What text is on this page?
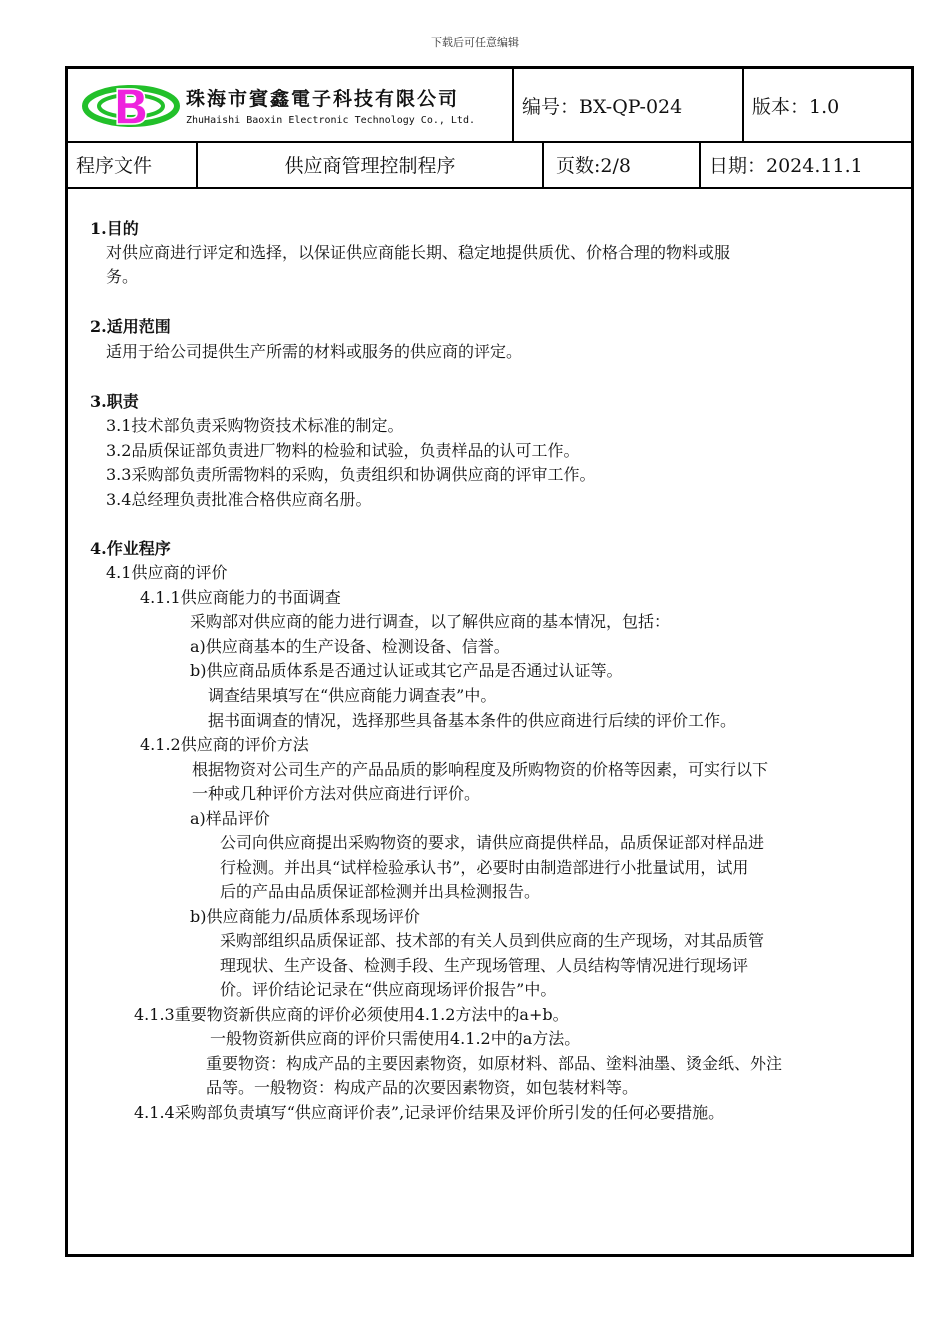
下载后可任意编辑
B 珠海市賓鑫電子科技有限公司
ZhuHaishi Baoxin Electronic Technology Co., Ltd.
编号：BX-QP-024	版本：1.0
程序文件	供应商管理控制程序	页数:2/8	日期：2024.11.1
1.目的
对供应商进行评定和选择，以保证供应商能长期、稳定地提供质优、价格合理的物料或服
务。
2.适用范围
适用于给公司提供生产所需的材料或服务的供应商的评定。
3.职责
3.1技术部负责采购物资技术标准的制定。
3.2品质保证部负责进厂物料的检验和试验，负责样品的认可工作。
3.3采购部负责所需物料的采购，负责组织和协调供应商的评审工作。
3.4总经理负责批准合格供应商名册。
4.作业程序
4.1供应商的评价
4.1.1供应商能力的书面调查
采购部对供应商的能力进行调查，以了解供应商的基本情况，包括：
a)供应商基本的生产设备、检测设备、信誉。
b)供应商品质体系是否通过认证或其它产品是否通过认证等。
调查结果填写在“供应商能力调查表”中。
据书面调查的情况，选择那些具备基本条件的供应商进行后续的评价工作。
4.1.2供应商的评价方法
根据物资对公司生产的产品品质的影响程度及所购物资的价格等因素，可实行以下
一种或几种评价方法对供应商进行评价。
a)样品评价
公司向供应商提出采购物资的要求，请供应商提供样品，品质保证部对样品进
行检测。并出具“试样检验承认书”，必要时由制造部进行小批量试用，试用
后的产品由品质保证部检测并出具检测报告。
b)供应商能力/品质体系现场评价
采购部组织品质保证部、技术部的有关人员到供应商的生产现场，对其品质管
理现状、生产设备、检测手段、生产现场管理、人员结构等情况进行现场评
价。评价结论记录在“供应商现场评价报告”中。
4.1.3重要物资新供应商的评价必须使用4.1.2方法中的a+b。
一般物资新供应商的评价只需使用4.1.2中的a方法。
重要物资：构成产品的主要因素物资，如原材料、部品、塗料油墨、烫金纸、外注
品等。一般物资：构成产品的次要因素物资，如包装材料等。
4.1.4采购部负责填写“供应商评价表”,记录评价结果及评价所引发的任何必要措施。
